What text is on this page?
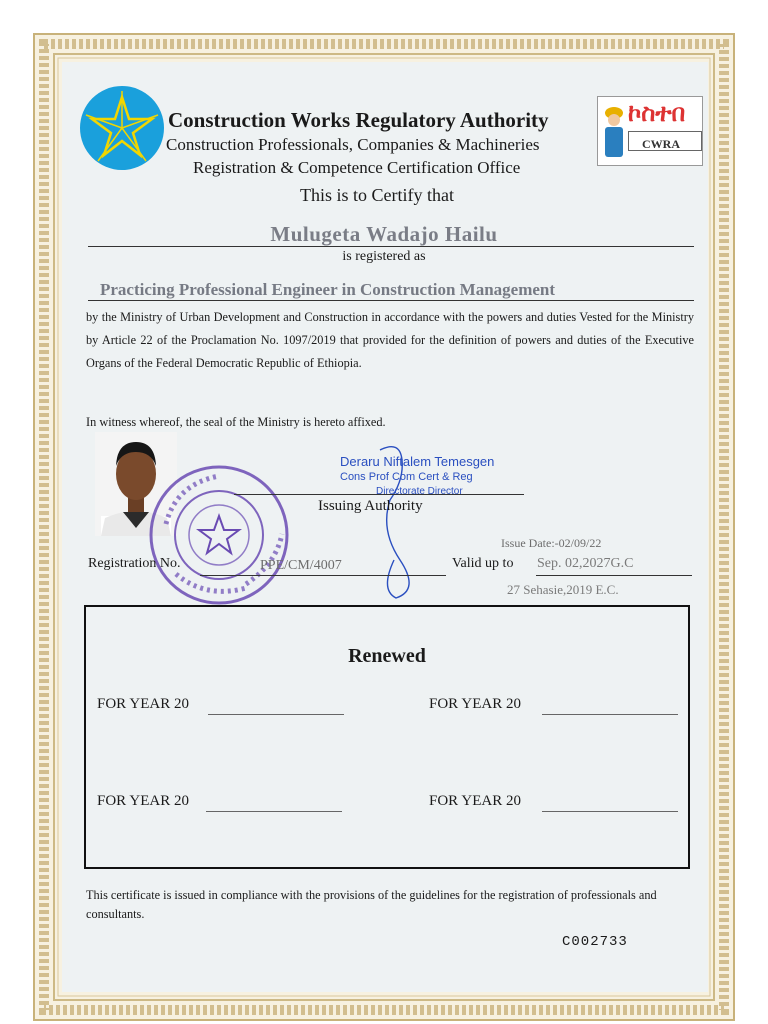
Construction Works Regulatory Authority
Construction Professionals, Companies & Machineries
Registration & Competence Certification Office
This is to Certify that
ኮስተበ
CWRA
Mulugeta Wadajo Hailu
is registered as
Practicing Professional Engineer in Construction Management
by the Ministry of Urban Development and Construction in accordance with the powers and duties Vested for the Ministry by Article 22 of the Proclamation No. 1097/2019 that provided for the definition of powers and duties of the Executive Organs of the Federal Democratic Republic of Ethiopia.
In witness whereof, the seal of the Ministry is hereto affixed.
Deraru Niftalem Temesgen
Cons Prof Com Cert & Reg
Directorate Director
Issuing Authority
Issue Date:-02/09/22
Registration No.	PPE/CM/4007	Valid up to Sep. 02,2027G.C
27 Sehasie,2019 E.C.
Renewed
FOR YEAR 20	FOR YEAR 20
FOR YEAR 20	FOR YEAR 20
This certificate is issued in compliance with the provisions of the guidelines for the registration of professionals and consultants.
C002733
